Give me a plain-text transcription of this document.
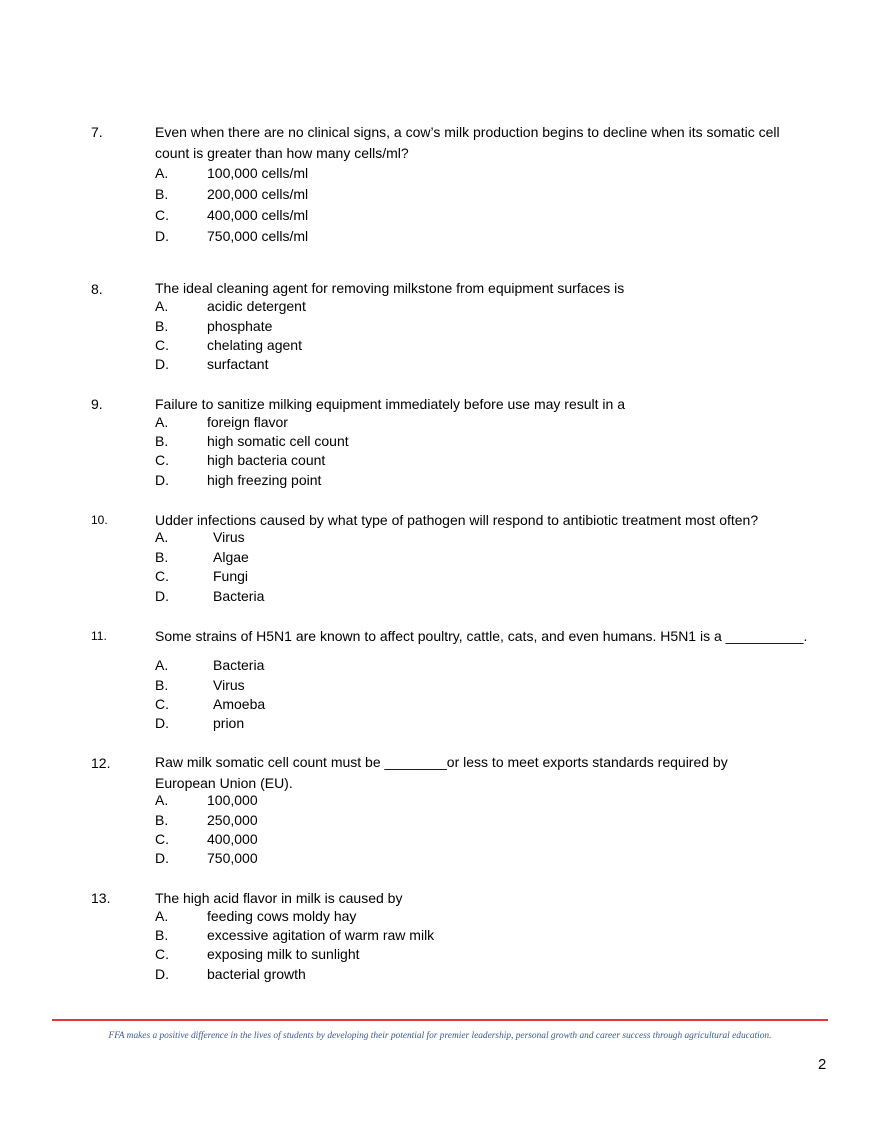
7.	Even when there are no clinical signs, a cow’s milk production begins to decline when its somatic cell count is greater than how many cells/ml?
A.	100,000 cells/ml
B.	200,000 cells/ml
C.	400,000 cells/ml
D.	750,000 cells/ml
8.	The ideal cleaning agent for removing milkstone from equipment surfaces is
A.	acidic detergent
B.	phosphate
C.	chelating agent
D.	surfactant
9.	Failure to sanitize milking equipment immediately before use may result in a
A.	foreign flavor
B.	high somatic cell count
C.	high bacteria count
D.	high freezing point
10.	Udder infections caused by what type of pathogen will respond to antibiotic treatment most often?
A.	Virus
B.	Algae
C.	Fungi
D.	Bacteria
11.	Some strains of H5N1 are known to affect poultry, cattle, cats, and even humans. H5N1 is a __________.
A.	Bacteria
B.	Virus
C.	Amoeba
D.	prion
12.	Raw milk somatic cell count must be ________or less to meet exports standards required by European Union (EU).
A.	100,000
B.	250,000
C.	400,000
D.	750,000
13.	The high acid flavor in milk is caused by
A.	feeding cows moldy hay
B.	excessive agitation of warm raw milk
C.	exposing milk to sunlight
D.	bacterial growth
FFA makes a positive difference in the lives of students by developing their potential for premier leadership, personal growth and career success through agricultural education.
2
